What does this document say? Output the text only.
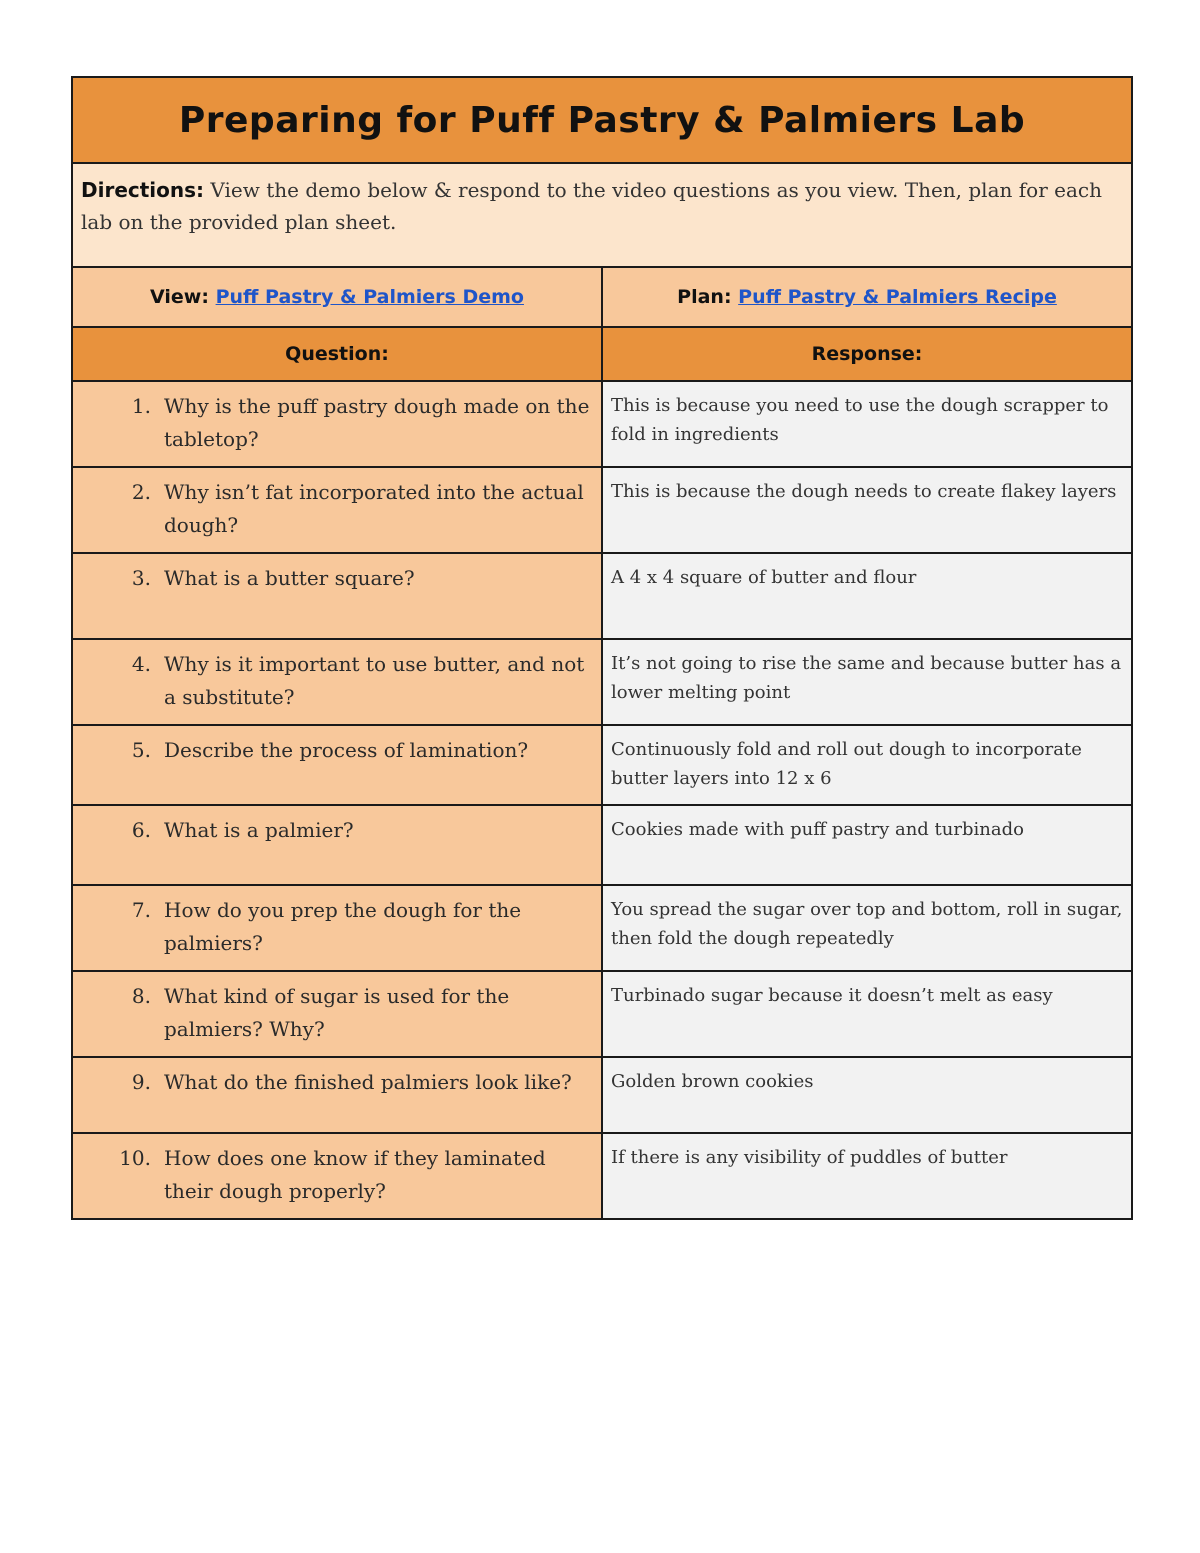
Preparing for Puff Pastry & Palmiers Lab	
Directions: View the demo below & respond to the video questions as you view. Then, plan for each lab on the provided plan sheet.	
View: Puff Pastry & Palmiers Demo	Plan: Puff Pastry & Palmiers Recipe
Question:	Response:

1. Why is the puff pastry dough made on the tabletop?	This is because you need to use the dough scrapper to fold in ingredients

2. Why isn’t fat incorporated into the actual dough?	This is because the dough needs to create flakey layers

3. What is a butter square?	A 4 x 4 square of butter and flour

4. Why is it important to use butter, and not a substitute?	It’s not going to rise the same and because butter has a lower melting point

5. Describe the process of lamination?	Continuously fold and roll out dough to incorporate butter layers into 12 x 6

6. What is a palmier?	Cookies made with puff pastry and turbinado

7. How do you prep the dough for the palmiers?	You spread the sugar over top and bottom, roll in sugar, then fold the dough repeatedly

8. What kind of sugar is used for the palmiers? Why?	Turbinado sugar because it doesn’t melt as easy

9. What do the finished palmiers look like?	Golden brown cookies

10. How does one know if they laminated their dough properly?	If there is any visibility of puddles of butter
